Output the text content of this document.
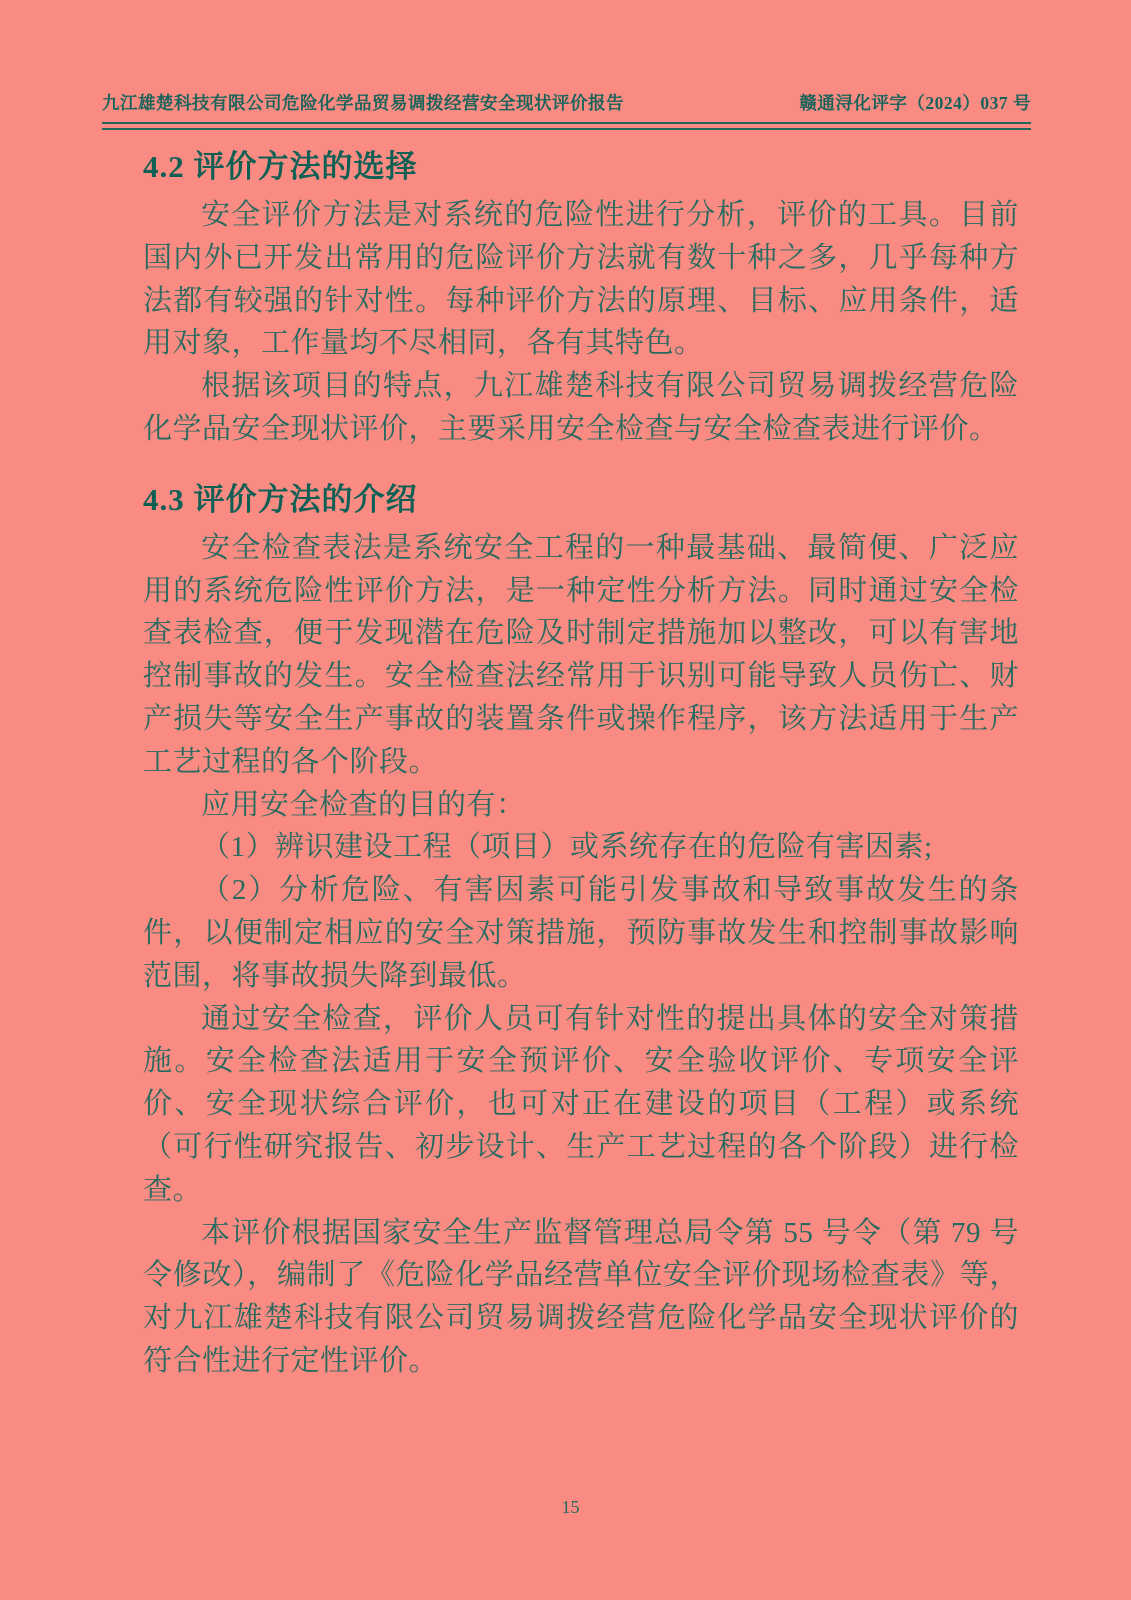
九江雄楚科技有限公司危险化学品贸易调拨经营安全现状评价报告	赣通浔化评字（2024）037 号
4.2 评价方法的选择

安全评价方法是对系统的危险性进行分析，评价的工具。目前国内外已开发出常用的危险评价方法就有数十种之多，几乎每种方法都有较强的针对性。每种评价方法的原理、目标、应用条件，适用对象，工作量均不尽相同，各有其特色。

根据该项目的特点，九江雄楚科技有限公司贸易调拨经营危险化学品安全现状评价，主要采用安全检查与安全检查表进行评价。

4.3 评价方法的介绍

安全检查表法是系统安全工程的一种最基础、最简便、广泛应用的系统危险性评价方法，是一种定性分析方法。同时通过安全检查表检查，便于发现潜在危险及时制定措施加以整改，可以有害地控制事故的发生。安全检查法经常用于识别可能导致人员伤亡、财产损失等安全生产事故的装置条件或操作程序，该方法适用于生产工艺过程的各个阶段。

应用安全检查的目的有：

（1）辨识建设工程（项目）或系统存在的危险有害因素;

（2）分析危险、有害因素可能引发事故和导致事故发生的条件，以便制定相应的安全对策措施，预防事故发生和控制事故影响范围，将事故损失降到最低。

通过安全检查，评价人员可有针对性的提出具体的安全对策措施。安全检查法适用于安全预评价、安全验收评价、专项安全评价、安全现状综合评价，也可对正在建设的项目（工程）或系统（可行性研究报告、初步设计、生产工艺过程的各个阶段）进行检查。

本评价根据国家安全生产监督管理总局令第 55 号令（第 79 号令修改），编制了《危险化学品经营单位安全评价现场检查表》等，对九江雄楚科技有限公司贸易调拨经营危险化学品安全现状评价的符合性进行定性评价。

15
